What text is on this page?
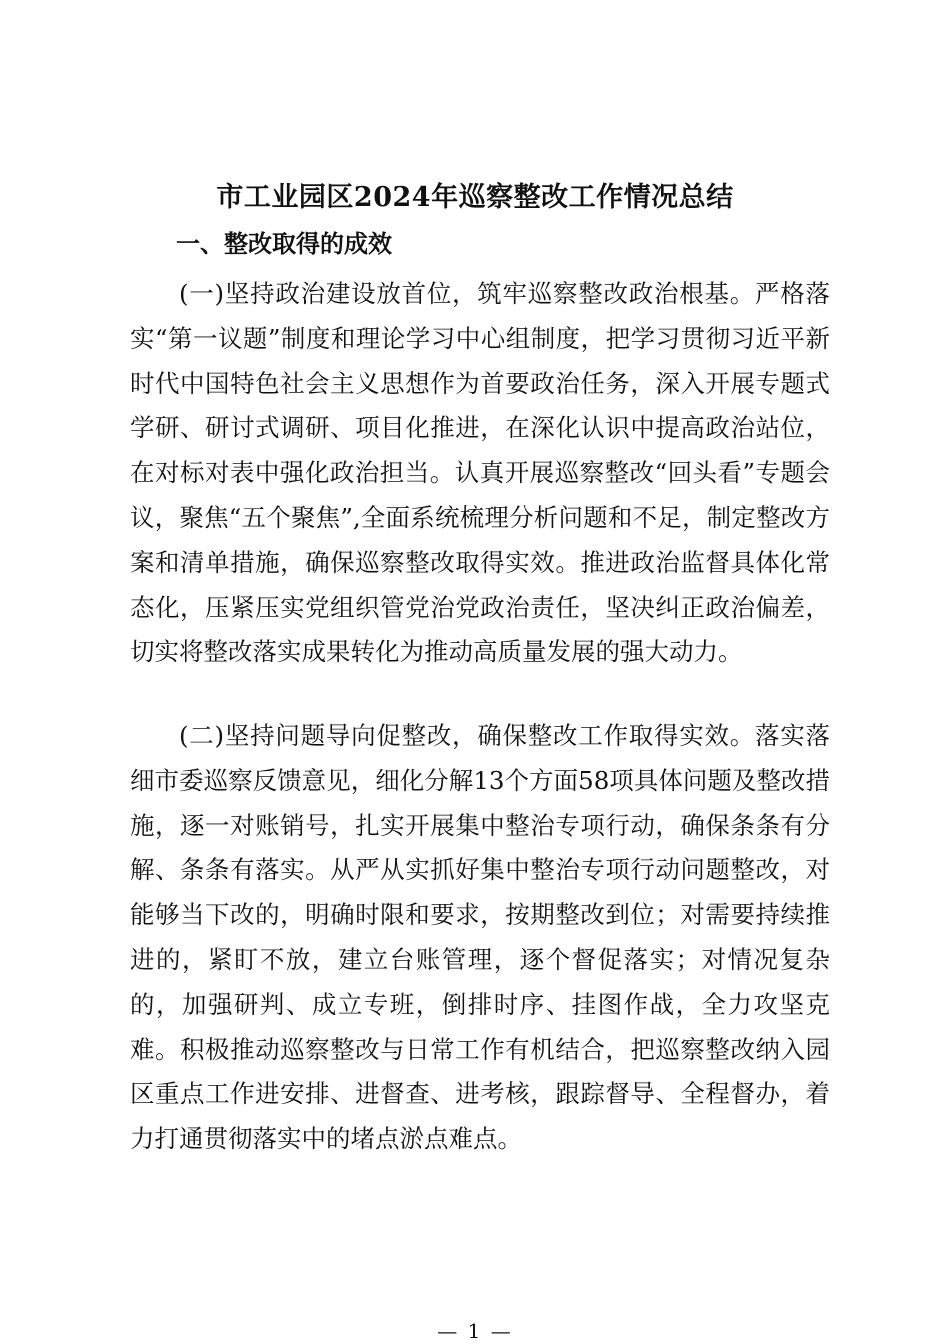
市工业园区2024年巡察整改工作情况总结
一、整改取得的成效

(一)坚持政治建设放首位，筑牢巡察整改政治根基。严格落实“第一议题”制度和理论学习中心组制度，把学习贯彻习近平新时代中国特色社会主义思想作为首要政治任务，深入开展专题式学研、研讨式调研、项目化推进，在深化认识中提高政治站位，在对标对表中强化政治担当。认真开展巡察整改“回头看”专题会议，聚焦“五个聚焦”,全面系统梳理分析问题和不足，制定整改方案和清单措施，确保巡察整改取得实效。推进政治监督具体化常态化，压紧压实党组织管党治党政治责任，坚决纠正政治偏差，切实将整改落实成果转化为推动高质量发展的强大动力。

(二)坚持问题导向促整改，确保整改工作取得实效。落实落细市委巡察反馈意见，细化分解13个方面58项具体问题及整改措施，逐一对账销号，扎实开展集中整治专项行动，确保条条有分解、条条有落实。从严从实抓好集中整治专项行动问题整改，对能够当下改的，明确时限和要求，按期整改到位；对需要持续推进的，紧盯不放，建立台账管理，逐个督促落实；对情况复杂的，加强研判、成立专班，倒排时序、挂图作战，全力攻坚克难。积极推动巡察整改与日常工作有机结合，把巡察整改纳入园区重点工作进安排、进督查、进考核，跟踪督导、全程督办，着力打通贯彻落实中的堵点淤点难点。

— 1 —
